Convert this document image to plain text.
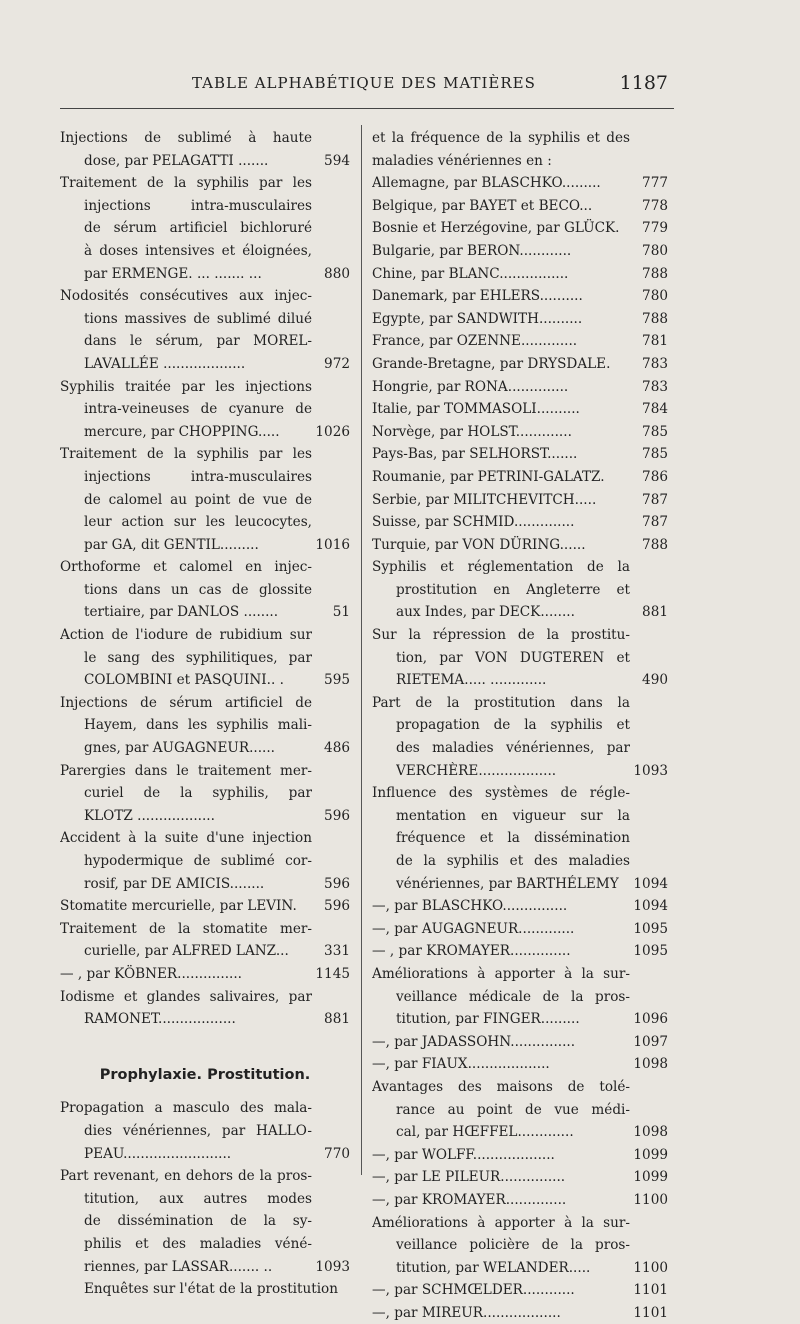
TABLE ALPHABÉTIQUE DES MATIÈRES	1187
Injections de sublimé à haute
dose, par PELAGATTI .......	594
Traitement de la syphilis par les
injections intra-musculaires
de sérum artificiel bichloruré
à doses intensives et éloignées,
par ERMENGE. ... ....... ...	880
Nodosités consécutives aux injec-
tions massives de sublimé dilué
dans le sérum, par MOREL-
LAVALLÉE ...................	972
Syphilis traitée par les injections
intra-veineuses de cyanure de
mercure, par CHOPPING.....	1026
Traitement de la syphilis par les
injections intra-musculaires
de calomel au point de vue de
leur action sur les leucocytes,
par GA, dit GENTIL.........	1016
Orthoforme et calomel en injec-
tions dans un cas de glossite
tertiaire, par DANLOS ........	51
Action de l'iodure de rubidium sur
le sang des syphilitiques, par
COLOMBINI et PASQUINI.. .	595
Injections de sérum artificiel de
Hayem, dans les syphilis mali-
gnes, par AUGAGNEUR......	486
Parergies dans le traitement mer-
curiel de la syphilis, par
KLOTZ ..................	596
Accident à la suite d'une injection
hypodermique de sublimé cor-
rosif, par DE AMICIS........	596
Stomatite mercurielle, par LEVIN.	596
Traitement de la stomatite mer-
curielle, par ALFRED LANZ...	331
— , par KÖBNER...............	1145
Iodisme et glandes salivaires, par
RAMONET..................	881
Prophylaxie. Prostitution.
Propagation a masculo des mala-
dies vénériennes, par HALLO-
PEAU.........................	770
Part revenant, en dehors de la pros-
titution, aux autres modes
de dissémination de la sy-
philis et des maladies véné-
riennes, par LASSAR....... ..	1093
Enquêtes sur l'état de la prostitution
et la fréquence de la syphilis et des
maladies vénériennes en :
Allemagne, par BLASCHKO.........	777
Belgique, par BAYET et BECO...	778
Bosnie et Herzégovine, par GLÜCK.	779
Bulgarie, par BERON............	780
Chine, par BLANC................	788
Danemark, par EHLERS..........	780
Egypte, par SANDWITH..........	788
France, par OZENNE.............	781
Grande-Bretagne, par DRYSDALE.	783
Hongrie, par RONA..............	783
Italie, par TOMMASOLI..........	784
Norvège, par HOLST.............	785
Pays-Bas, par SELHORST.......	785
Roumanie, par PETRINI-GALATZ.	786
Serbie, par MILITCHEVITCH.....	787
Suisse, par SCHMID..............	787
Turquie, par VON DÜRING......	788
Syphilis et réglementation de la
prostitution en Angleterre et
aux Indes, par DECK........	881
Sur la répression de la prostitu-
tion, par VON DUGTEREN et
RIETEMA..... .............	490
Part de la prostitution dans la
propagation de la syphilis et
des maladies vénériennes, par
VERCHÈRE..................	1093
Influence des systèmes de régle-
mentation en vigueur sur la
fréquence et la dissémination
de la syphilis et des maladies
vénériennes, par BARTHÉLEMY	1094
—, par BLASCHKO...............	1094
—, par AUGAGNEUR.............	1095
— , par KROMAYER..............	1095
Améliorations à apporter à la sur-
veillance médicale de la pros-
titution, par FINGER.........	1096
—, par JADASSOHN...............	1097
—, par FIAUX...................	1098
Avantages des maisons de tolé-
rance au point de vue médi-
cal, par HŒFFEL.............	1098
—, par WOLFF...................	1099
—, par LE PILEUR...............	1099
—, par KROMAYER..............	1100
Améliorations à apporter à la sur-
veillance policière de la pros-
titution, par WELANDER.....	1100
—, par SCHMŒLDER............	1101
—, par MIREUR..................	1101
